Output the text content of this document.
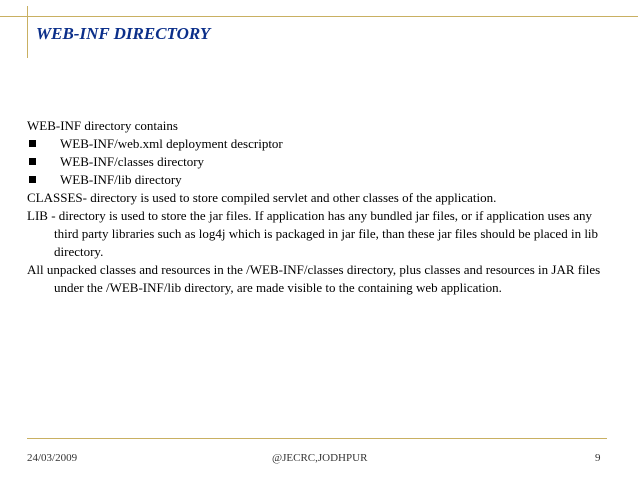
WEB-INF DIRECTORY

WEB-INF directory contains

WEB-INF/web.xml deployment descriptor

WEB-INF/classes directory

WEB-INF/lib directory

CLASSES- directory is used to store compiled servlet and other classes of the application.

LIB - directory is used to store the jar files. If application has any bundled jar files, or if application uses any third party libraries such as log4j which is packaged in jar file, than these jar files should be placed in lib directory.

All unpacked classes and resources in the /WEB-INF/classes directory, plus classes and resources in JAR files under the /WEB-INF/lib directory, are made visible to the containing web application.

24/03/2009	@JECRC,JODHPUR	9
